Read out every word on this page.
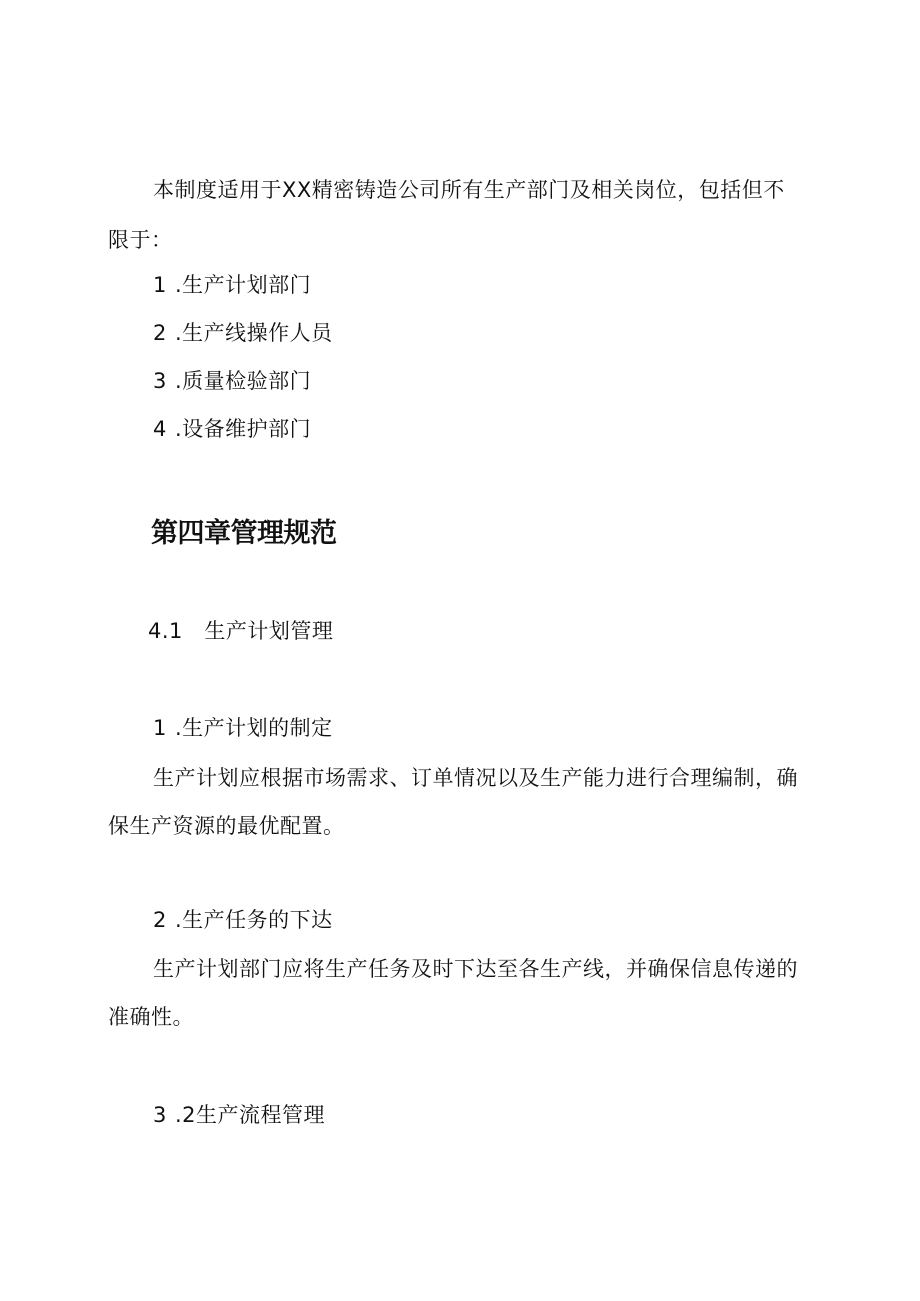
本制度适用于XX精密铸造公司所有生产部门及相关岗位，包括但不
限于：
1 .生产计划部门
2 .生产线操作人员
3 .质量检验部门
4 .设备维护部门
第四章管理规范
4.1   生产计划管理
1 .生产计划的制定
生产计划应根据市场需求、订单情况以及生产能力进行合理编制，确
保生产资源的最优配置。
2 .生产任务的下达
生产计划部门应将生产任务及时下达至各生产线，并确保信息传递的
准确性。
3 .2生产流程管理
